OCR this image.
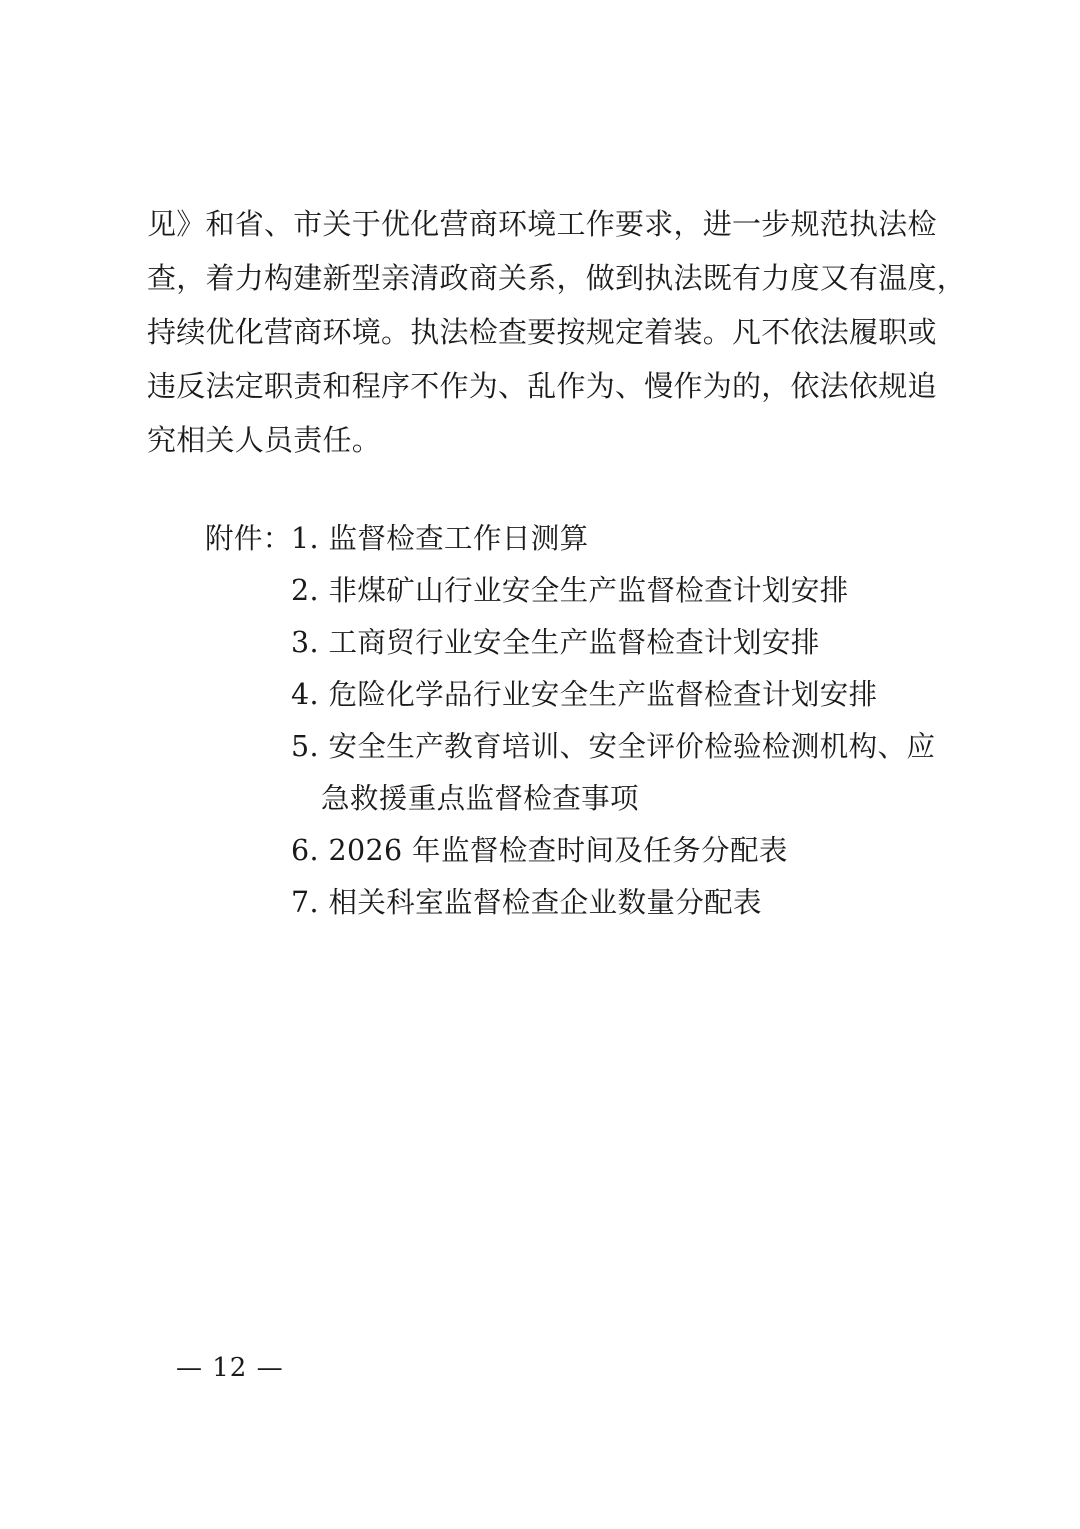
见》和省、市关于优化营商环境工作要求，进一步规范执法检
查，着力构建新型亲清政商关系，做到执法既有力度又有温度，
持续优化营商环境。执法检查要按规定着装。凡不依法履职或
违反法定职责和程序不作为、乱作为、慢作为的，依法依规追
究相关人员责任。
附件： 1. 监督检查工作日测算
2. 非煤矿山行业安全生产监督检查计划安排
3. 工商贸行业安全生产监督检查计划安排
4. 危险化学品行业安全生产监督检查计划安排
5. 安全生产教育培训、安全评价检验检测机构、应
急救援重点监督检查事项
6. 2026 年监督检查时间及任务分配表
7. 相关科室监督检查企业数量分配表
— 12 —
